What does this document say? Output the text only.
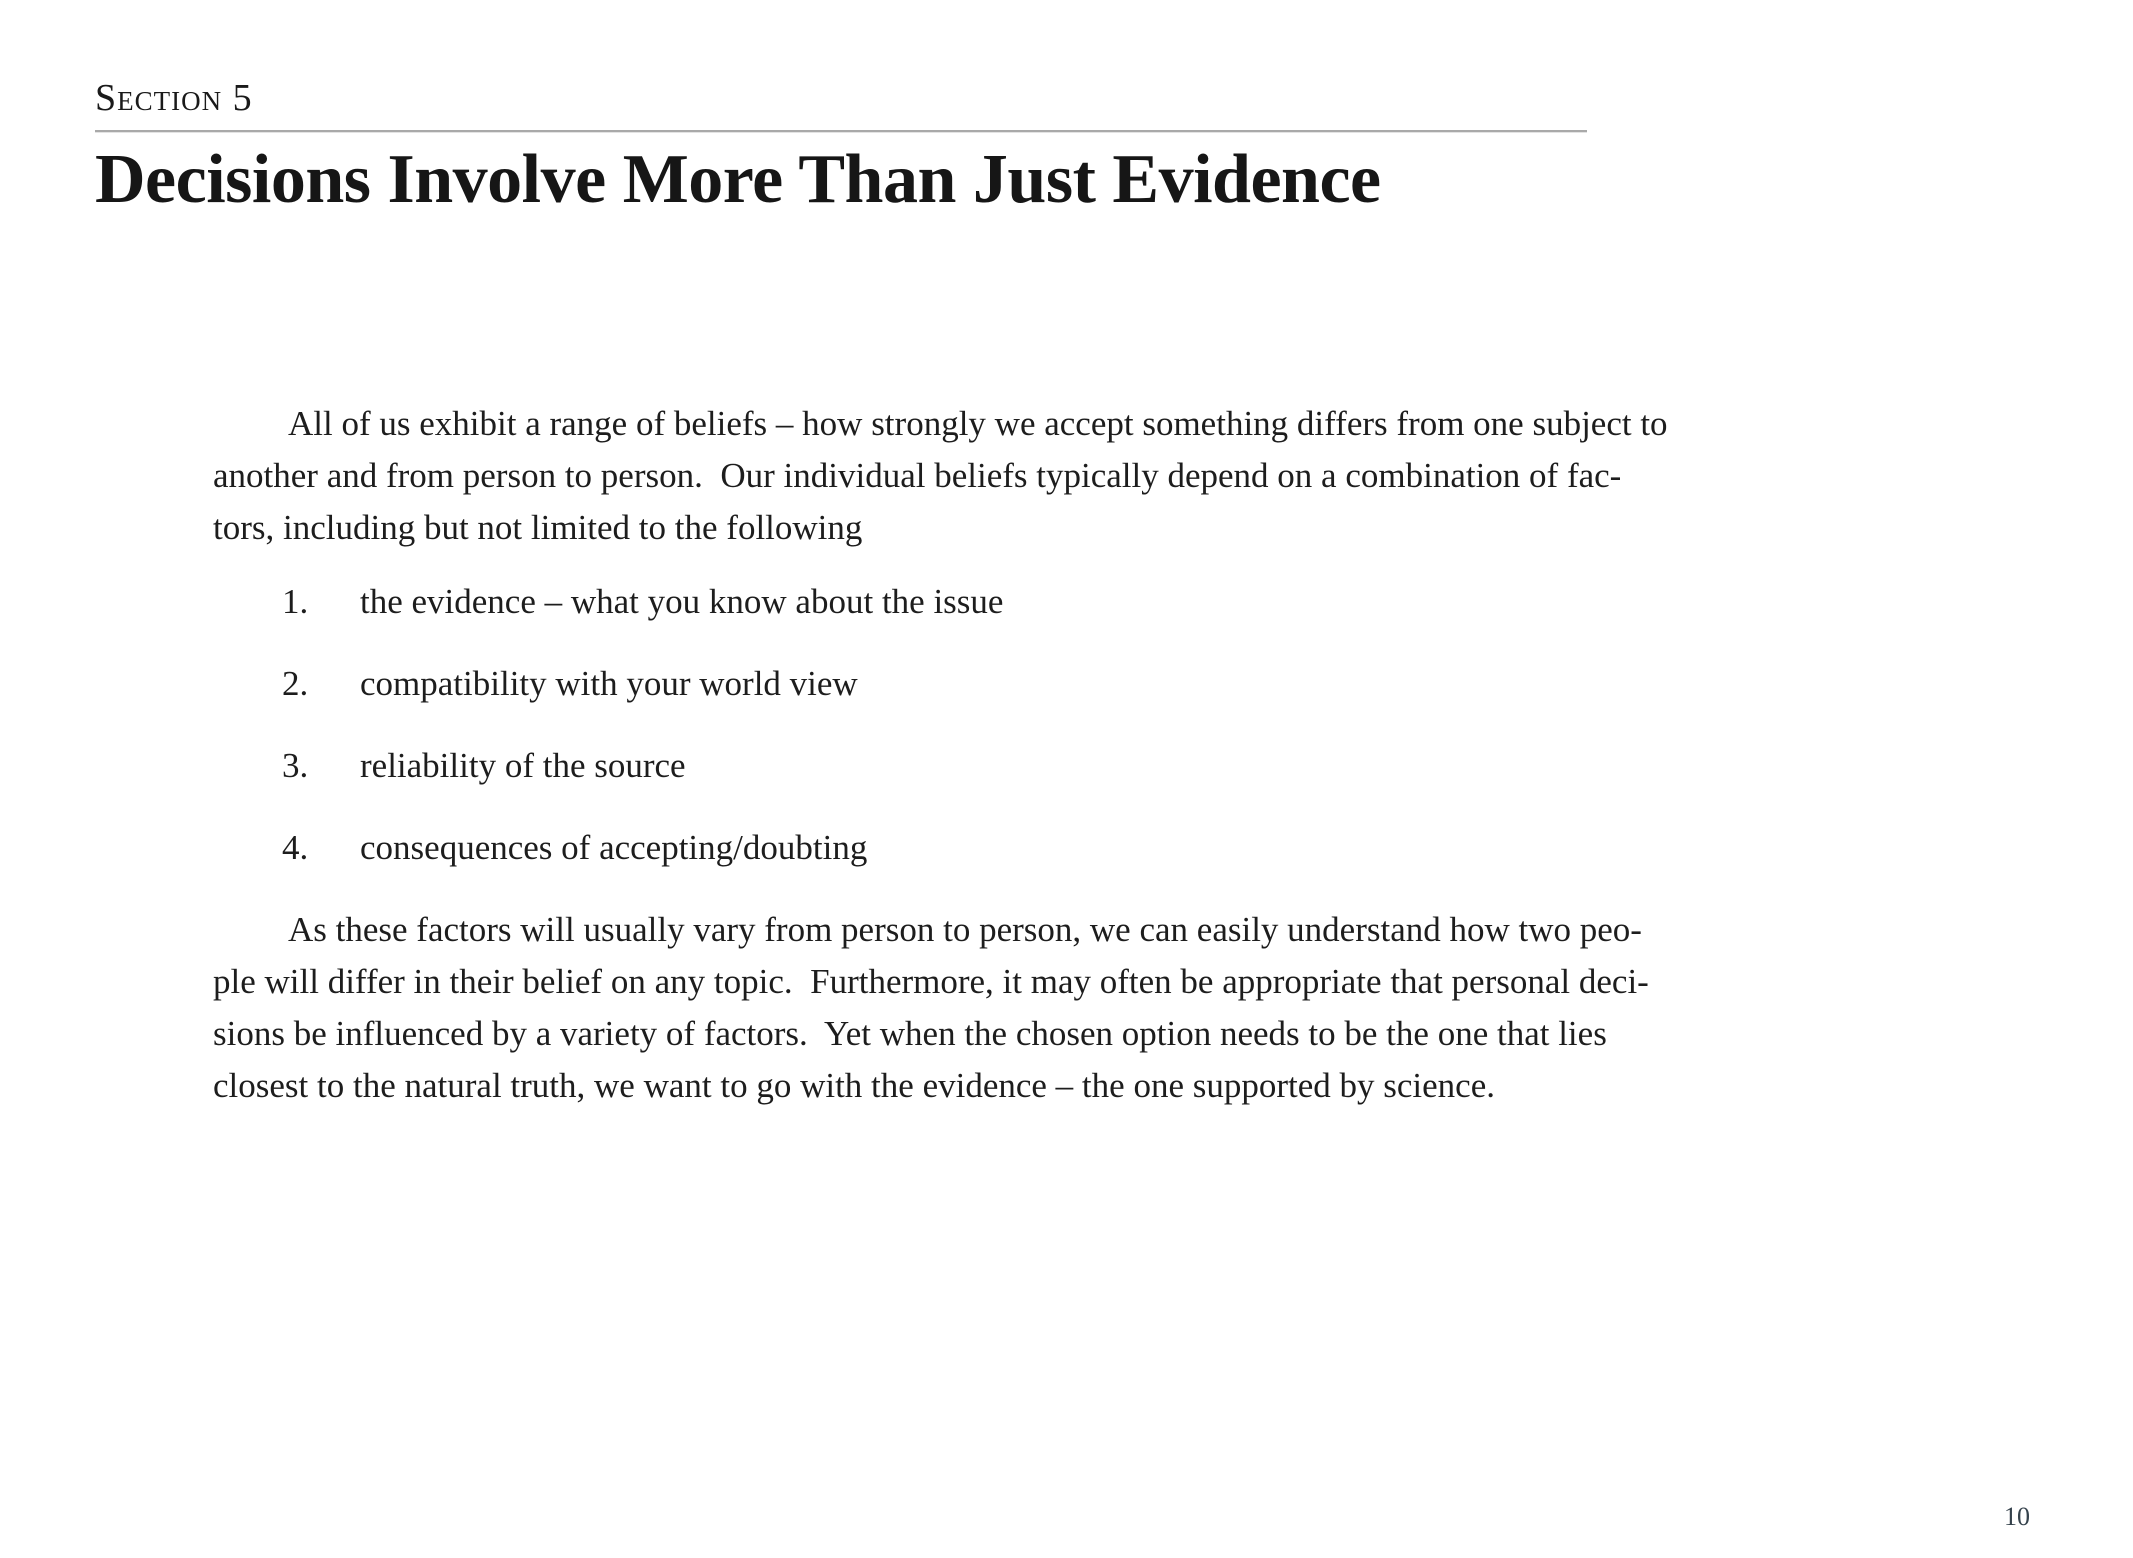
Section 5
Decisions Involve More Than Just Evidence

All of us exhibit a range of beliefs – how strongly we accept something differs from one subject to
another and from person to person.  Our individual beliefs typically depend on a combination of fac-
tors, including but not limited to the following

1. the evidence – what you know about the issue
2. compatibility with your world view
3. reliability of the source
4. consequences of accepting/doubting

As these factors will usually vary from person to person, we can easily understand how two peo-
ple will differ in their belief on any topic.  Furthermore, it may often be appropriate that personal deci-
sions be influenced by a variety of factors.  Yet when the chosen option needs to be the one that lies
closest to the natural truth, we want to go with the evidence – the one supported by science.

10
